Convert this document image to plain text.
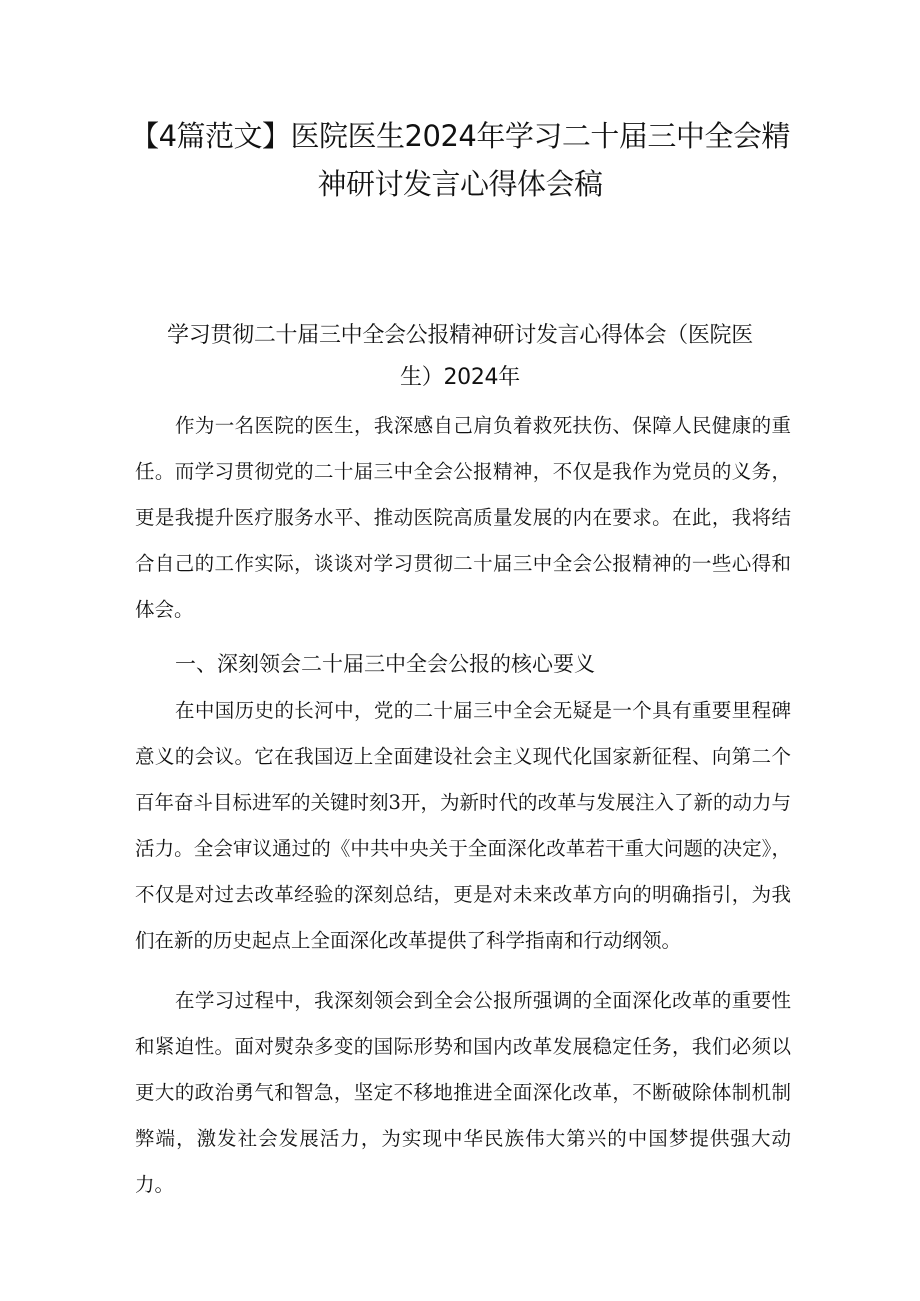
【4篇范文】医院医生2024年学习二十届三中全会精神研讨发言心得体会稿
学习贯彻二十届三中全会公报精神研讨发言心得体会（医院医生）2024年

作为一名医院的医生，我深感自己肩负着救死扶伤、保障人民健康的重任。而学习贯彻党的二十届三中全会公报精神，不仅是我作为党员的义务，更是我提升医疗服务水平、推动医院高质量发展的内在要求。在此，我将结合自己的工作实际，谈谈对学习贯彻二十届三中全会公报精神的一些心得和体会。

一、深刻领会二十届三中全会公报的核心要义

在中国历史的长河中，党的二十届三中全会无疑是一个具有重要里程碑意义的会议。它在我国迈上全面建设社会主义现代化国家新征程、向第二个百年奋斗目标进军的关键时刻3开，为新时代的改革与发展注入了新的动力与活力。全会审议通过的《中共中央关于全面深化改革若干重大问题的决定》，不仅是对过去改革经验的深刻总结，更是对未来改革方向的明确指引，为我们在新的历史起点上全面深化改革提供了科学指南和行动纲领。

在学习过程中，我深刻领会到全会公报所强调的全面深化改革的重要性和紧迫性。面对熨杂多变的国际形势和国内改革发展稳定任务，我们必须以更大的政治勇气和智急，坚定不移地推进全面深化改革，不断破除体制机制弊端，激发社会发展活力，为实现中华民族伟大第兴的中国梦提供强大动力。
